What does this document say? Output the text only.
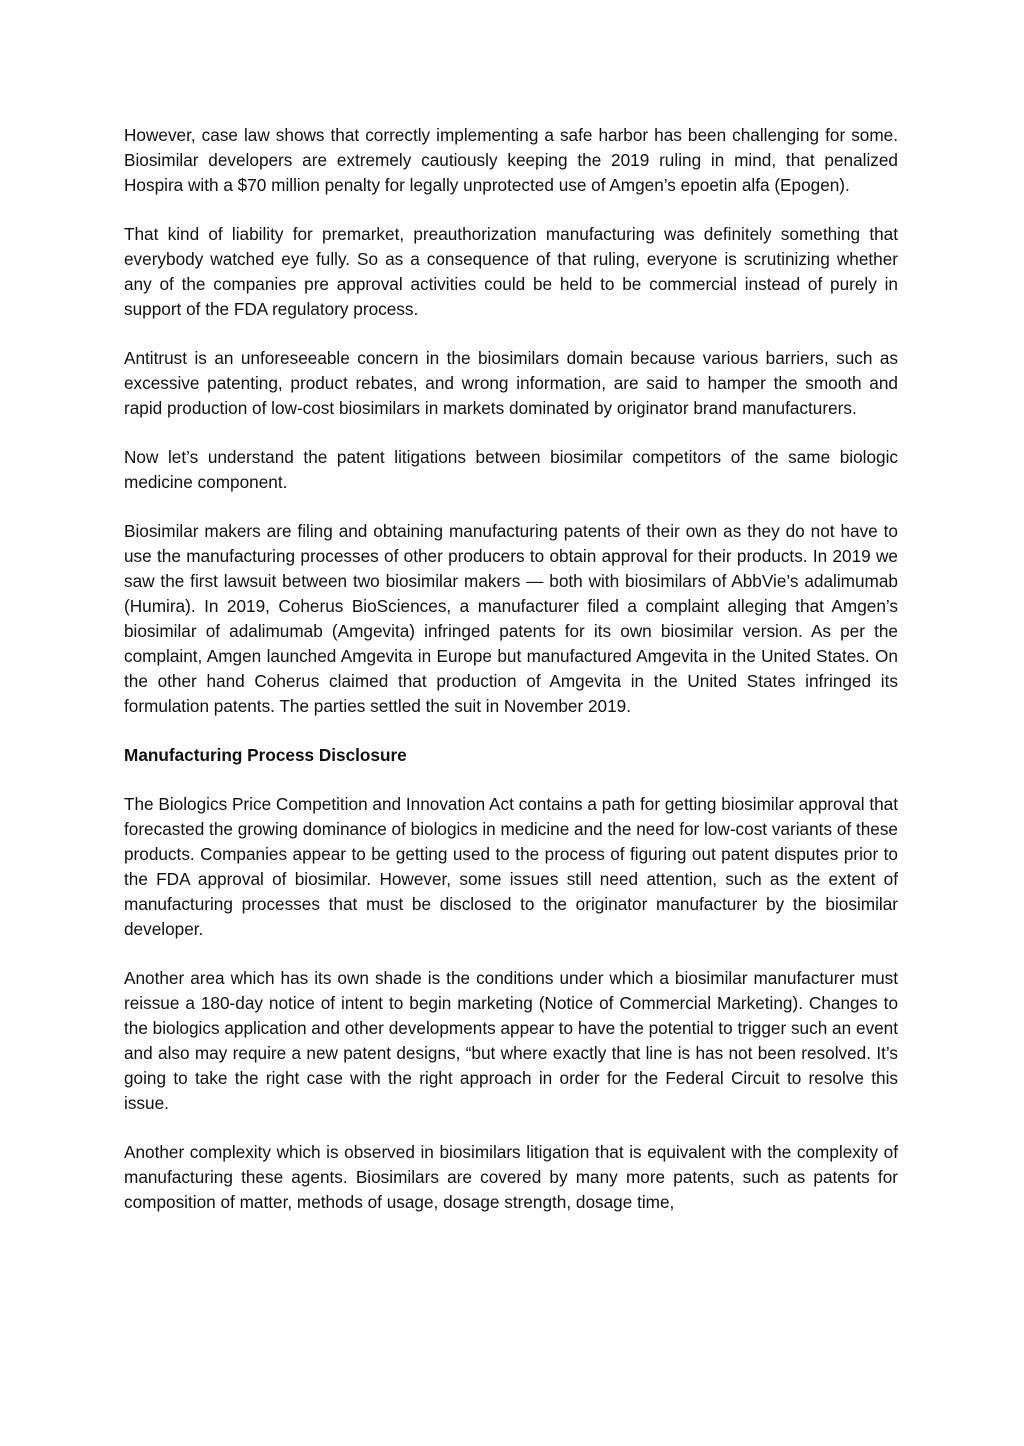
However, case law shows that correctly implementing a safe harbor has been challenging for some. Biosimilar developers are extremely cautiously keeping the 2019 ruling in mind, that penalized Hospira with a $70 million penalty for legally unprotected use of Amgen’s epoetin alfa (Epogen).

That kind of liability for premarket, preauthorization manufacturing was definitely something that everybody watched eye fully. So as a consequence of that ruling, everyone is scrutinizing whether any of the companies pre approval activities could be held to be commercial instead of purely in support of the FDA regulatory process.

Antitrust is an unforeseeable concern in the biosimilars domain because various barriers, such as excessive patenting, product rebates, and wrong information, are said to hamper the smooth and rapid production of low-cost biosimilars in markets dominated by originator brand manufacturers.

Now let’s understand the patent litigations between biosimilar competitors of the same biologic medicine component.

Biosimilar makers are filing and obtaining manufacturing patents of their own as they do not have to use the manufacturing processes of other producers to obtain approval for their products. In 2019 we saw the first lawsuit between two biosimilar makers — both with biosimilars of AbbVie’s adalimumab (Humira). In 2019, Coherus BioSciences, a manufacturer filed a complaint alleging that Amgen’s biosimilar of adalimumab (Amgevita) infringed patents for its own biosimilar version. As per the complaint, Amgen launched Amgevita in Europe but manufactured Amgevita in the United States. On the other hand Coherus claimed that production of Amgevita in the United States infringed its formulation patents. The parties settled the suit in November 2019.

Manufacturing Process Disclosure

The Biologics Price Competition and Innovation Act contains a path for getting biosimilar approval that forecasted the growing dominance of biologics in medicine and the need for low-cost variants of these products. Companies appear to be getting used to the process of figuring out patent disputes prior to the FDA approval of biosimilar. However, some issues still need attention, such as the extent of manufacturing processes that must be disclosed to the originator manufacturer by the biosimilar developer.

Another area which has its own shade is the conditions under which a biosimilar manufacturer must reissue a 180-day notice of intent to begin marketing (Notice of Commercial Marketing). Changes to the biologics application and other developments appear to have the potential to trigger such an event and also may require a new patent designs, “but where exactly that line is has not been resolved. It’s going to take the right case with the right approach in order for the Federal Circuit to resolve this issue.

Another complexity which is observed in biosimilars litigation that is equivalent with the complexity of manufacturing these agents. Biosimilars are covered by many more patents, such as patents for composition of matter, methods of usage, dosage strength, dosage time,
